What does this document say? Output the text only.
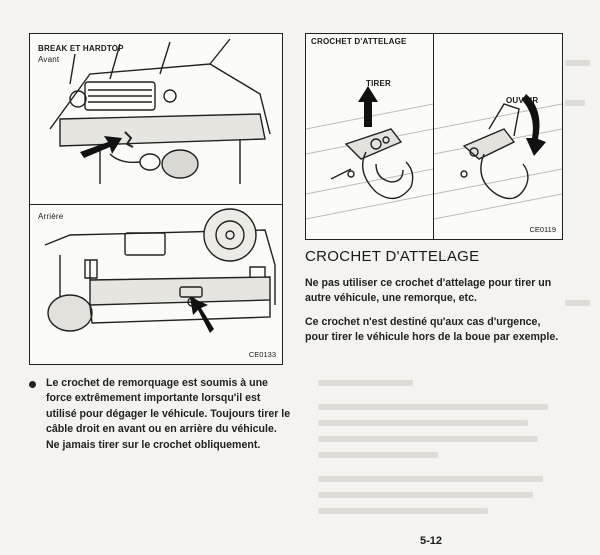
BREAK ET HARDTOP
Avant
Arrière
CE0133
CROCHET D'ATTELAGE
TIRER
OUVRIR
CE0119
CROCHET D'ATTELAGE
Ne pas utiliser ce crochet d'attelage pour tirer un autre véhicule, une remorque, etc.
Ce crochet n'est destiné qu'aux cas d'urgence, pour tirer le véhicule hors de la boue par exemple.
Le crochet de remorquage est soumis à une force extrêmement importante lorsqu'il est utilisé pour dégager le véhicule. Toujours tirer le câble droit en avant ou en arrière du véhicule. Ne jamais tirer sur le crochet obliquement.
5-12
